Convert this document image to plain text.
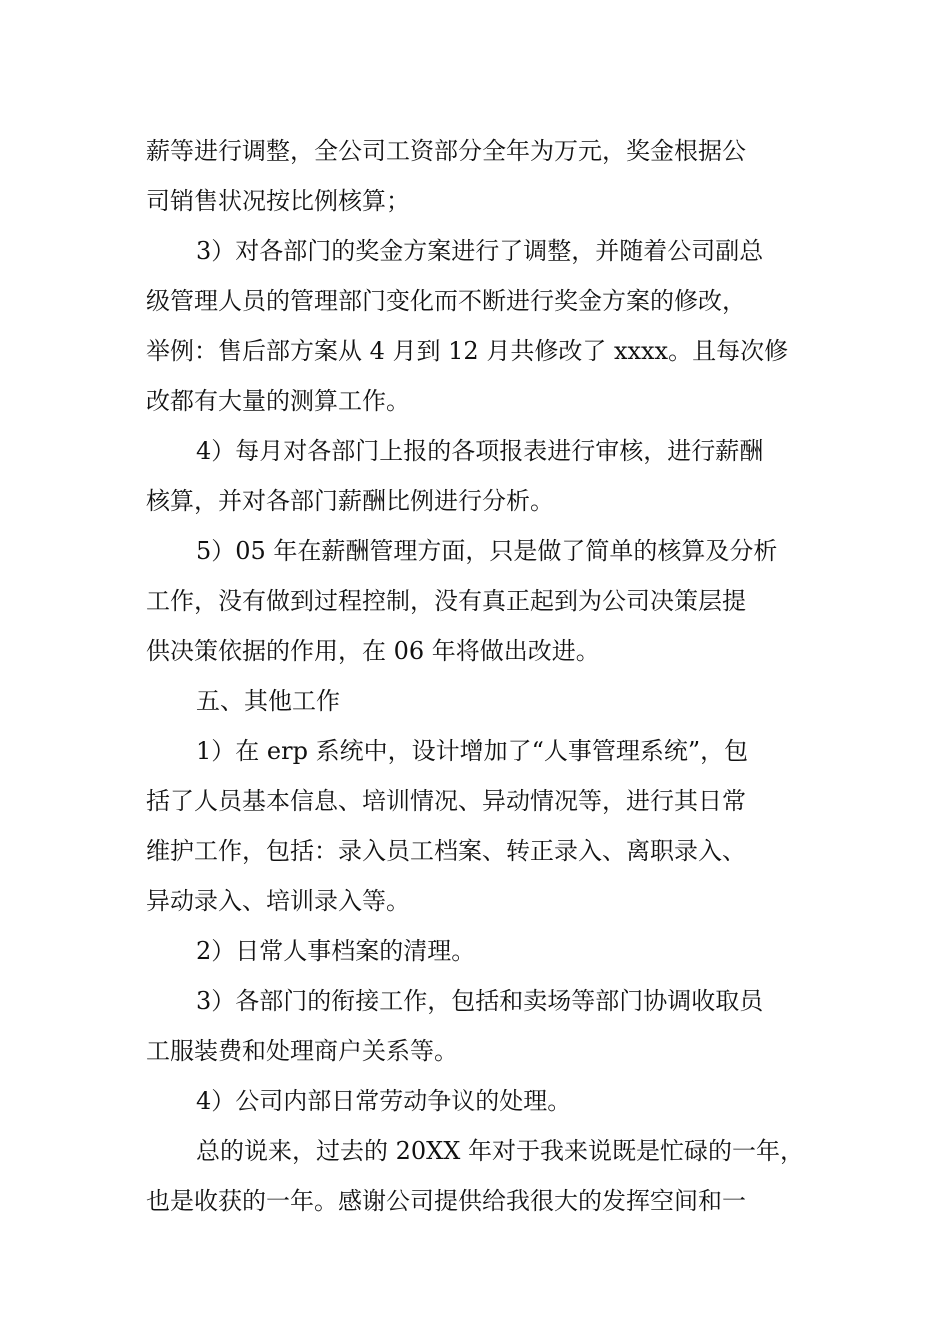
薪等进行调整，全公司工资部分全年为万元，奖金根据公
司销售状况按比例核算；
3）对各部门的奖金方案进行了调整，并随着公司副总
级管理人员的管理部门变化而不断进行奖金方案的修改，
举例：售后部方案从 4 月到 12 月共修改了 xxxx。且每次修
改都有大量的测算工作。
4）每月对各部门上报的各项报表进行审核，进行薪酬
核算，并对各部门薪酬比例进行分析。
5）05 年在薪酬管理方面，只是做了简单的核算及分析
工作，没有做到过程控制，没有真正起到为公司决策层提
供决策依据的作用，在 06 年将做出改进。
五、其他工作
1）在 erp 系统中，设计增加了“人事管理系统”，包
括了人员基本信息、培训情况、异动情况等，进行其日常
维护工作，包括：录入员工档案、转正录入、离职录入、
异动录入、培训录入等。
2）日常人事档案的清理。
3）各部门的衔接工作，包括和卖场等部门协调收取员
工服装费和处理商户关系等。
4）公司内部日常劳动争议的处理。
总的说来，过去的 20XX 年对于我来说既是忙碌的一年，
也是收获的一年。感谢公司提供给我很大的发挥空间和一
